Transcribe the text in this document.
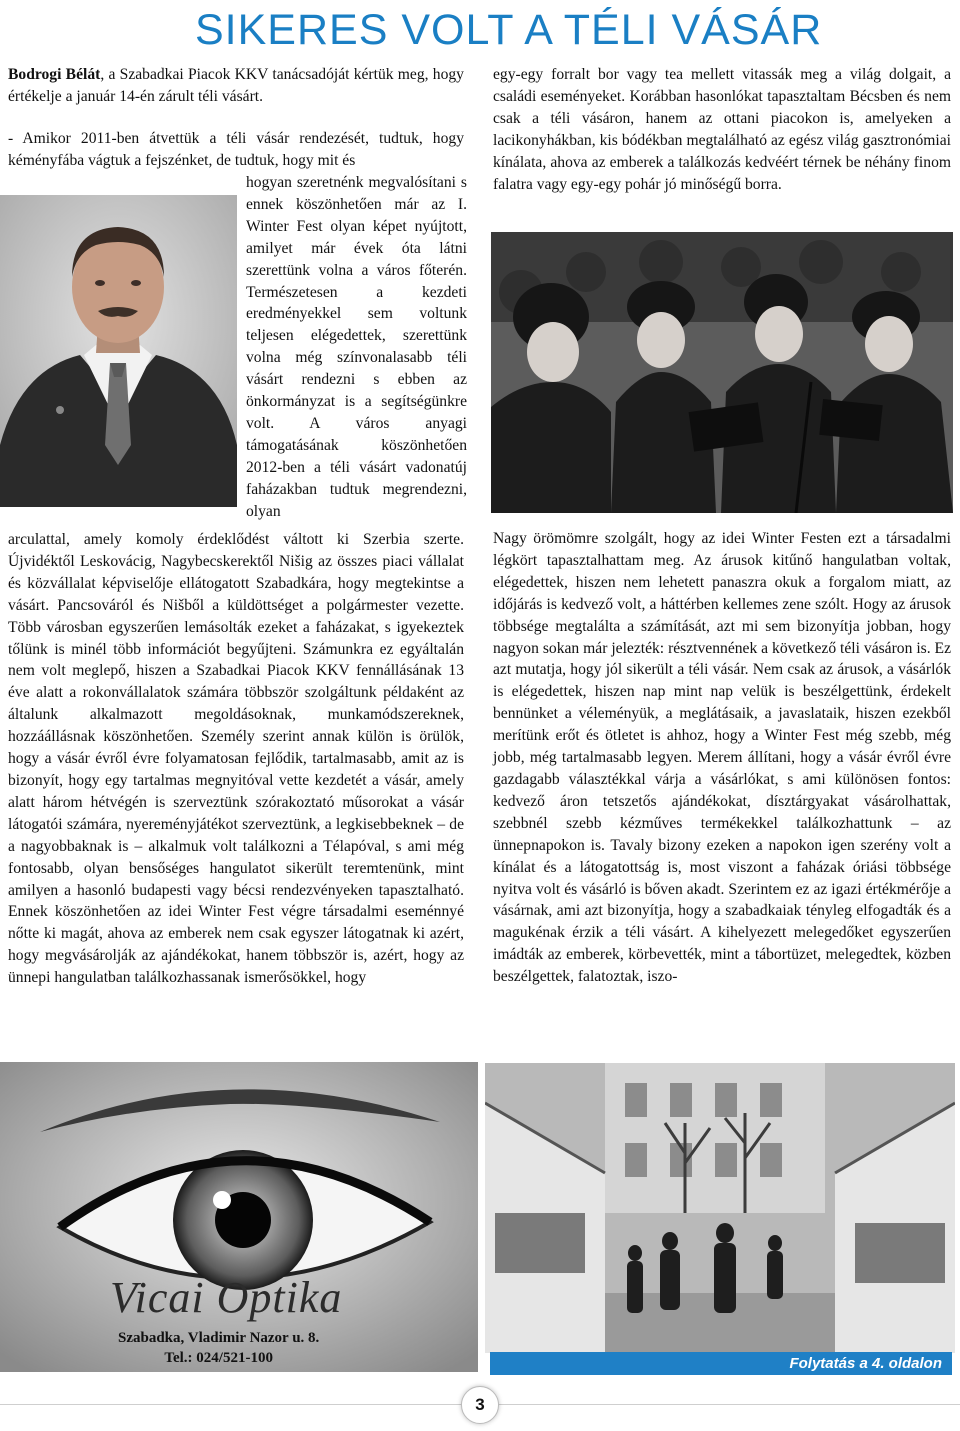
SIKERES VOLT A TÉLI VÁSÁR

Bodrogi Bélát, a Szabadkai Piacok KKV tanácsadóját kértük meg, hogy értékelje a január 14-én zárult téli vásárt.

- Amikor 2011-ben átvettük a téli vásár rendezését, tudtuk, hogy kéményfába vágtuk a fejszénket, de tudtuk, hogy mit és

hogyan szeretnénk megvalósítani s ennek köszönhetően már az I. Winter Fest olyan képet nyújtott, amilyet már évek óta látni szerettünk volna a város főterén. Természetesen a kezdeti eredményekkel sem voltunk teljesen elégedettek, szerettünk volna még színvonalasabb téli vásárt rendezni s ebben az önkormányzat is a segítségünkre volt. A város anyagi támogatásának köszönhetően 2012-ben a téli vásárt vadonatúj faházakban tudtuk megrendezni, olyan

arculattal, amely komoly érdeklődést váltott ki Szerbia szerte. Újvidéktől Leskovácig, Nagybecskerektől Nišig az összes piaci vállalat és közvállalat képviselője ellátogatott Szabadkára, hogy megtekintse a vásárt. Pancsováról és Nišből a küldöttséget a polgármester vezette. Több városban egyszerűen lemásolták ezeket a faházakat, s igyekeztek tőlünk is minél több információt begyűjteni. Számunkra ez egyáltalán nem volt meglepő, hiszen a Szabadkai Piacok KKV fennállásának 13 éve alatt a rokonvállalatok számára többször szolgáltunk példaként az általunk alkalmazott megoldásoknak, munkamódszereknek, hozzáállásnak köszönhetően. Személy szerint annak külön is örülök, hogy a vásár évről évre folyamatosan fejlődik, tartalmasabb, amit az is bizonyít, hogy egy tartalmas megnyitóval vette kezdetét a vásár, amely alatt három hétvégén is szerveztünk szórakoztató műsorokat a vásár látogatói számára, nyereményjátékot szerveztünk, a legkisebbeknek – de a nagyobbaknak is – alkalmuk volt találkozni a Télapóval, s ami még fontosabb, olyan bensőséges hangulatot sikerült teremtenünk, mint amilyen a hasonló budapesti vagy bécsi rendezvényeken tapasztalható. Ennek köszönhetően az idei Winter Fest végre társadalmi eseménnyé nőtte ki magát, ahova az emberek nem csak egyszer látogatnak ki azért, hogy megvásárolják az ajándékokat, hanem többször is, azért, hogy az ünnepi hangulatban találkozhassanak ismerősökkel, hogy

egy-egy forralt bor vagy tea mellett vitassák meg a világ dolgait, a családi eseményeket. Korábban hasonlókat tapasztaltam Bécsben és nem csak a téli vásáron, hanem az ottani piacokon is, amelyeken a lacikonyhákban, kis bódékban megtalálható az egész világ gasztronómiai kínálata, ahova az emberek a találkozás kedvéért térnek be néhány finom falatra vagy egy-egy pohár jó minőségű borra.

Nagy örömömre szolgált, hogy az idei Winter Festen ezt a társadalmi légkört tapasztalhattam meg. Az árusok kitűnő hangulatban voltak, elégedettek, hiszen nem lehetett panaszra okuk a forgalom miatt, az időjárás is kedvező volt, a háttérben kellemes zene szólt. Hogy az árusok többsége megtalálta a számítását, azt mi sem bizonyítja jobban, hogy nagyon sokan már jelezték: résztvennének a következő téli vásáron is. Ez azt mutatja, hogy jól sikerült a téli vásár. Nem csak az árusok, a vásárlók is elégedettek, hiszen nap mint nap velük is beszélgettünk, érdekelt bennünket a véleményük, a meglátásaik, a javaslataik, hiszen ezekből merítünk erőt és ötletet is ahhoz, hogy a Winter Fest még szebb, még jobb, még tartalmasabb legyen. Merem állítani, hogy a vásár évről évre gazdagabb választékkal várja a vásárlókat, s ami különösen fontos: kedvező áron tetszetős ajándékokat, dísztárgyakat vásárolhattak, szebbnél szebb kézműves termékekkel találkozhattunk – az ünnepnapokon is. Tavaly bizony ezeken a napokon igen szerény volt a kínálat és a látogatottság is, most viszont a faházak óriási többsége nyitva volt és vásárló is bőven akadt. Szerintem ez az igazi értékmérője a vásárnak, ami azt bizonyítja, hogy a szabadkaiak tényleg elfogadták és a magukénak érzik a téli vásárt. A kihelyezett melegedőket egyszerűen imádták az emberek, körbevették, mint a tábortüzet, melegedtek, közben beszélgettek, falatoztak, iszo-

Vicai Optika

Szabadka, Vladimir Nazor u. 8.
Tel.: 024/521-100	Folytatás a 4. oldalon
3
